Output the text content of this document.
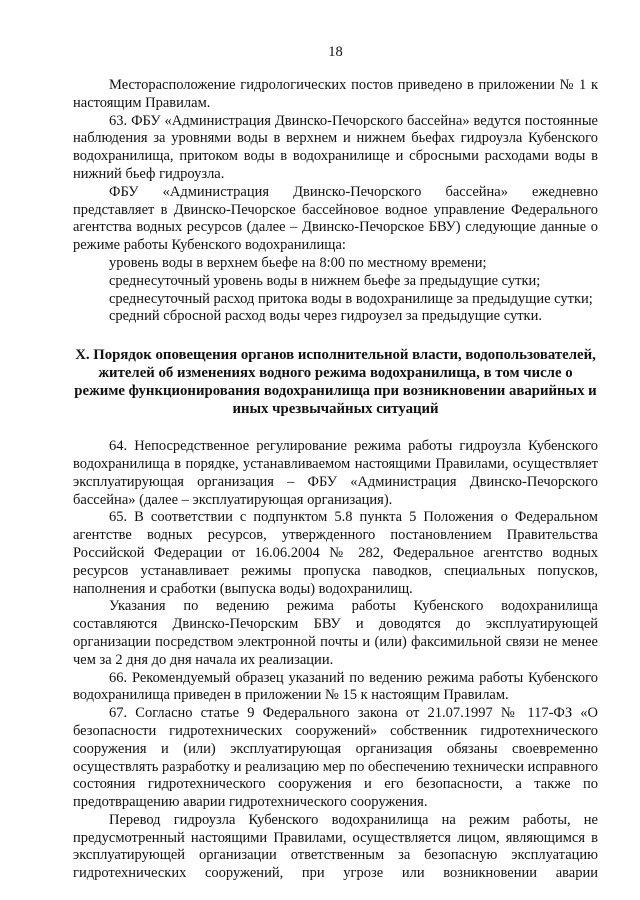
18

Месторасположение гидрологических постов приведено в приложении № 1 к настоящим Правилам.

63. ФБУ «Администрация Двинско-Печорского бассейна» ведутся постоянные наблюдения за уровнями воды в верхнем и нижнем бьефах гидроузла Кубенского водохранилища, притоком воды в водохранилище и сбросными расходами воды в нижний бьеф гидроузла.

ФБУ «Администрация Двинско-Печорского бассейна» ежедневно представляет в Двинско-Печорское бассейновое водное управление Федерального агентства водных ресурсов (далее – Двинско-Печорское БВУ) следующие данные о режиме работы Кубенского водохранилища:

уровень воды в верхнем бьефе на 8:00 по местному времени;

среднесуточный уровень воды в нижнем бьефе за предыдущие сутки;

среднесуточный расход притока воды в водохранилище за предыдущие сутки;

средний сбросной расход воды через гидроузел за предыдущие сутки.

X. Порядок оповещения органов исполнительной власти, водопользователей, жителей об изменениях водного режима водохранилища, в том числе о режиме функционирования водохранилища при возникновении аварийных и иных чрезвычайных ситуаций

64. Непосредственное регулирование режима работы гидроузла Кубенского водохранилища в порядке, устанавливаемом настоящими Правилами, осуществляет эксплуатирующая организация – ФБУ «Администрация Двинско-Печорского бассейна» (далее – эксплуатирующая организация).

65. В соответствии с подпунктом 5.8 пункта 5 Положения о Федеральном агентстве водных ресурсов, утвержденного постановлением Правительства Российской Федерации от 16.06.2004 № 282, Федеральное агентство водных ресурсов устанавливает режимы пропуска паводков, специальных попусков, наполнения и сработки (выпуска воды) водохранилищ.

Указания по ведению режима работы Кубенского водохранилища составляются Двинско-Печорским БВУ и доводятся до эксплуатирующей организации посредством электронной почты и (или) факсимильной связи не менее чем за 2 дня до дня начала их реализации.

66. Рекомендуемый образец указаний по ведению режима работы Кубенского водохранилища приведен в приложении № 15 к настоящим Правилам.

67. Согласно статье 9 Федерального закона от 21.07.1997 № 117-ФЗ «О безопасности гидротехнических сооружений» собственник гидротехнического сооружения и (или) эксплуатирующая организация обязаны своевременно осуществлять разработку и реализацию мер по обеспечению технически исправного состояния гидротехнического сооружения и его безопасности, а также по предотвращению аварии гидротехнического сооружения.

Перевод гидроузла Кубенского водохранилища на режим работы, не предусмотренный настоящими Правилами, осуществляется лицом, являющимся в эксплуатирующей организации ответственным за безопасную эксплуатацию гидротехнических сооружений, при угрозе или возникновении аварии
